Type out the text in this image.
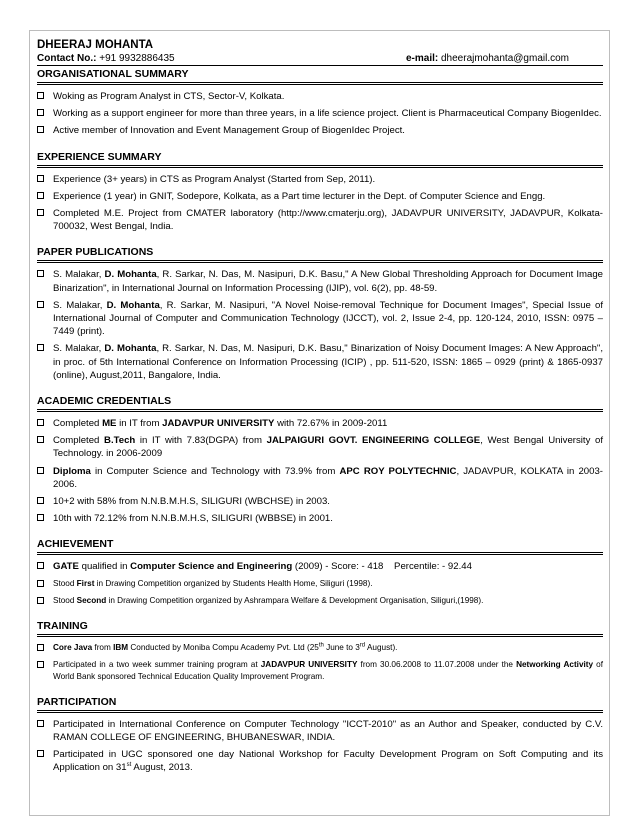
DHEERAJ MOHANTA
Contact No.: +91 9932886435	e-mail: dheerajmohanta@gmail.com
ORGANISATIONAL SUMMARY
Woking as Program Analyst in CTS, Sector-V, Kolkata.
Working as a support engineer for more than three years, in a life science project. Client is Pharmaceutical Company BiogenIdec.
Active member of Innovation and Event Management Group of BiogenIdec Project.
EXPERIENCE SUMMARY
Experience (3+ years) in CTS as Program Analyst (Started from Sep, 2011).
Experience (1 year) in GNIT, Sodepore, Kolkata, as a Part time lecturer in the Dept. of Computer Science and Engg.
Completed M.E. Project from CMATER laboratory (http://www.cmaterju.org), JADAVPUR UNIVERSITY, JADAVPUR, Kolkata-700032, West Bengal, India.
PAPER PUBLICATIONS
S. Malakar, D. Mohanta, R. Sarkar, N. Das, M. Nasipuri, D.K. Basu," A New Global Thresholding Approach for Document Image Binarization", in International Journal on Information Processing (IJIP), vol. 6(2), pp. 48-59.
S. Malakar, D. Mohanta, R. Sarkar, M. Nasipuri, "A Novel Noise-removal Technique for Document Images", Special Issue of International Journal of Computer and Communication Technology (IJCCT), vol. 2, Issue 2-4, pp. 120-124, 2010, ISSN: 0975 – 7449 (print).
S. Malakar, D. Mohanta, R. Sarkar, N. Das, M. Nasipuri, D.K. Basu," Binarization of Noisy Document Images: A New Approach", in proc. of 5th International Conference on Information Processing (ICIP) , pp. 511-520, ISSN: 1865 – 0929 (print) & 1865-0937 (online), August,2011, Bangalore, India.
ACADEMIC CREDENTIALS
Completed ME in IT from JADAVPUR UNIVERSITY with 72.67% in 2009-2011
Completed B.Tech in IT with 7.83(DGPA) from JALPAIGURI GOVT. ENGINEERING COLLEGE, West Bengal University of Technology. in 2006-2009
Diploma in Computer Science and Technology with 73.9% from APC ROY POLYTECHNIC, JADAVPUR, KOLKATA in 2003-2006.
10+2 with 58% from N.N.B.M.H.S, SILIGURI (WBCHSE) in 2003.
10th with 72.12% from N.N.B.M.H.S, SILIGURI (WBBSE) in 2001.
ACHIEVEMENT
GATE qualified in Computer Science and Engineering (2009) - Score: - 418    Percentile: - 92.44
Stood First in Drawing Competition organized by Students Health Home, Siliguri (1998).
Stood Second in Drawing Competition organized by Ashrampara Welfare & Development Organisation, Siliguri,(1998).
TRAINING
Core Java from IBM Conducted by Moniba Compu Academy Pvt. Ltd (25th June to 3rd August).
Participated in a two week summer training program at JADAVPUR UNIVERSITY from 30.06.2008 to 11.07.2008 under the Networking Activity of World Bank sponsored Technical Education Quality Improvement Program.
PARTICIPATION
Participated in International Conference on Computer Technology "ICCT-2010" as an Author and Speaker, conducted by C.V. RAMAN COLLEGE OF ENGINEERING, BHUBANESWAR, INDIA.
Participated in UGC sponsored one day National Workshop for Faculty Development Program on Soft Computing and its Application on 31st August, 2013.
